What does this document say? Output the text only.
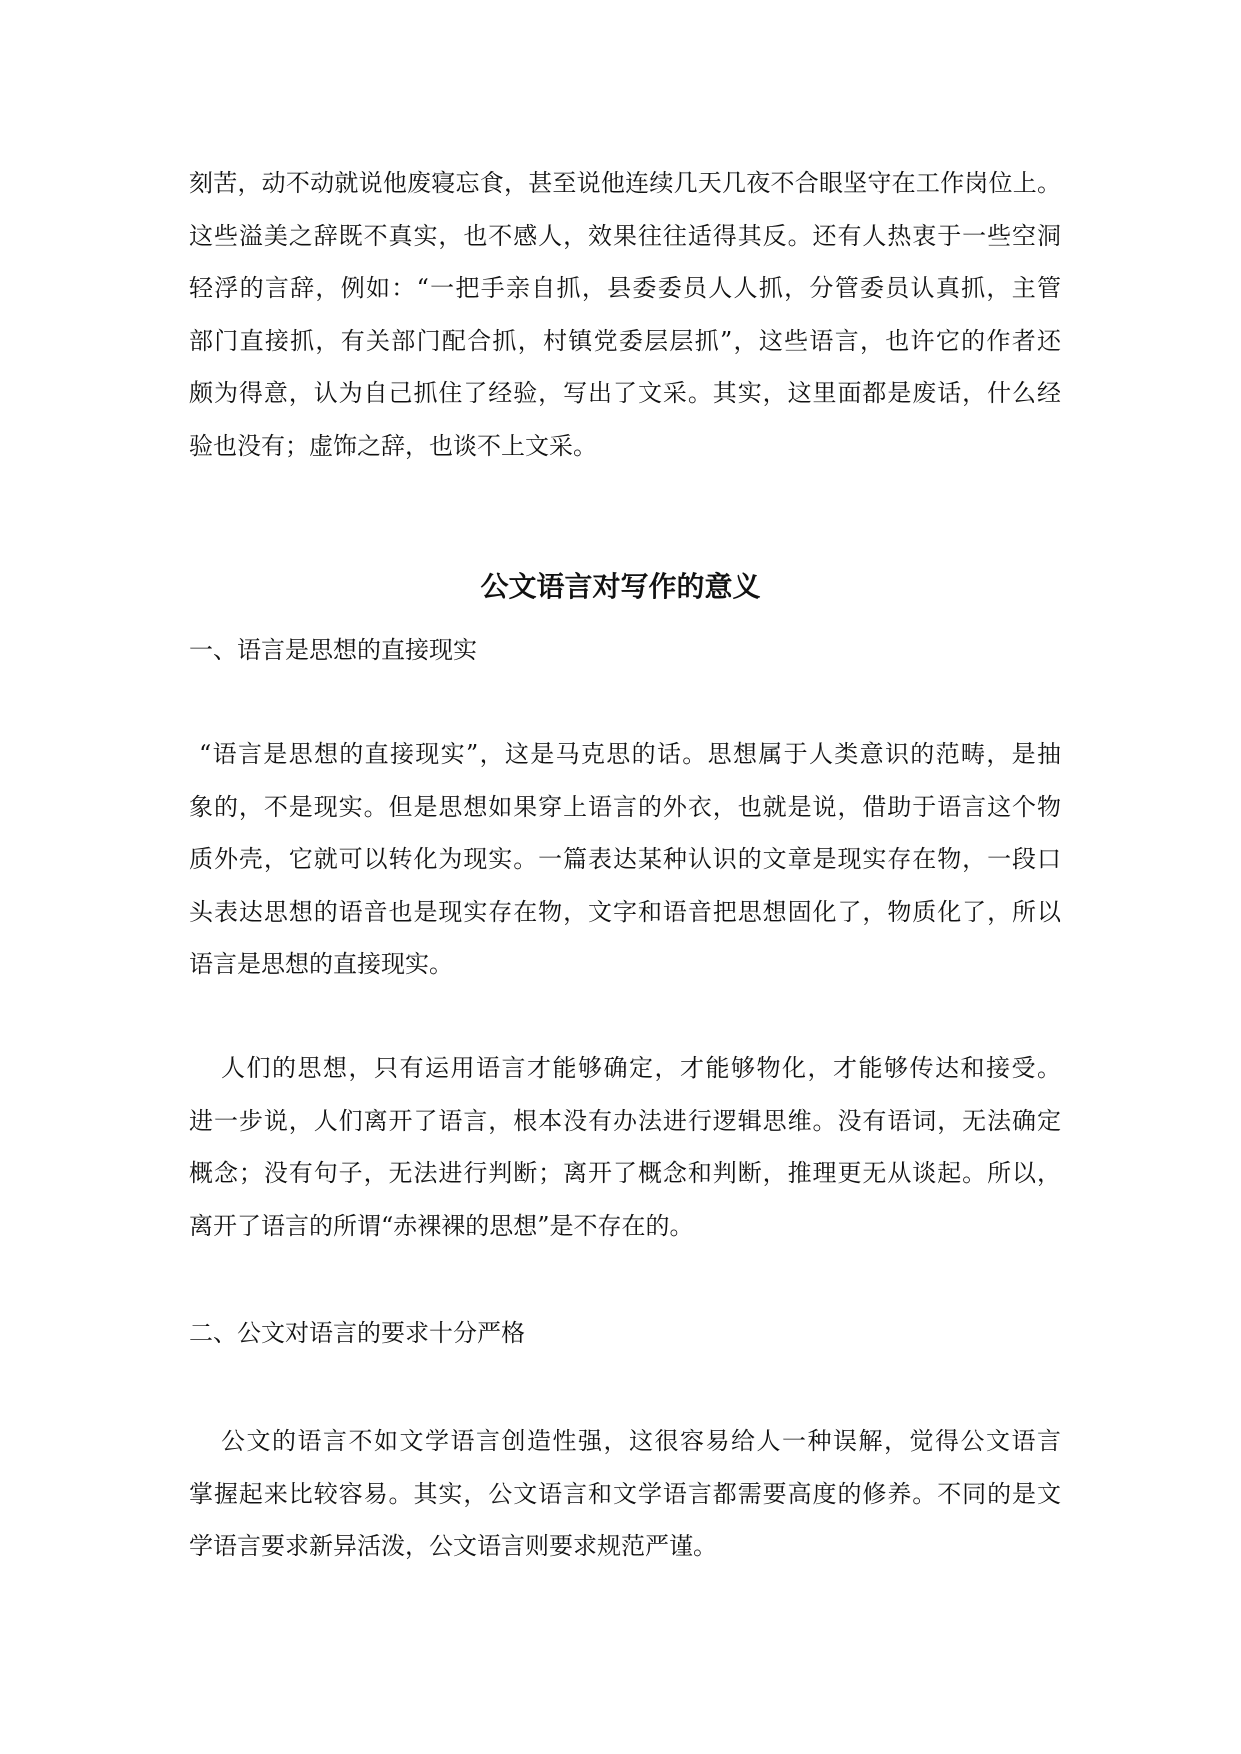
刻苦，动不动就说他废寝忘食，甚至说他连续几天几夜不合眼坚守在工作岗位上。
这些溢美之辞既不真实，也不感人，效果往往适得其反。还有人热衷于一些空洞
轻浮的言辞，例如：“一把手亲自抓，县委委员人人抓，分管委员认真抓，主管
部门直接抓，有关部门配合抓，村镇党委层层抓”，这些语言，也许它的作者还
颇为得意，认为自己抓住了经验，写出了文采。其实，这里面都是废话，什么经
验也没有；虚饰之辞，也谈不上文采。
公文语言对写作的意义
一、语言是思想的直接现实
“语言是思想的直接现实”，这是马克思的话。思想属于人类意识的范畴，是抽
象的，不是现实。但是思想如果穿上语言的外衣，也就是说，借助于语言这个物
质外壳，它就可以转化为现实。一篇表达某种认识的文章是现实存在物，一段口
头表达思想的语音也是现实存在物，文字和语音把思想固化了，物质化了，所以
语言是思想的直接现实。
人们的思想，只有运用语言才能够确定，才能够物化，才能够传达和接受。
进一步说，人们离开了语言，根本没有办法进行逻辑思维。没有语词，无法确定
概念；没有句子，无法进行判断；离开了概念和判断，推理更无从谈起。所以，
离开了语言的所谓“赤裸裸的思想”是不存在的。
二、公文对语言的要求十分严格
公文的语言不如文学语言创造性强，这很容易给人一种误解，觉得公文语言
掌握起来比较容易。其实，公文语言和文学语言都需要高度的修养。不同的是文
学语言要求新异活泼，公文语言则要求规范严谨。
